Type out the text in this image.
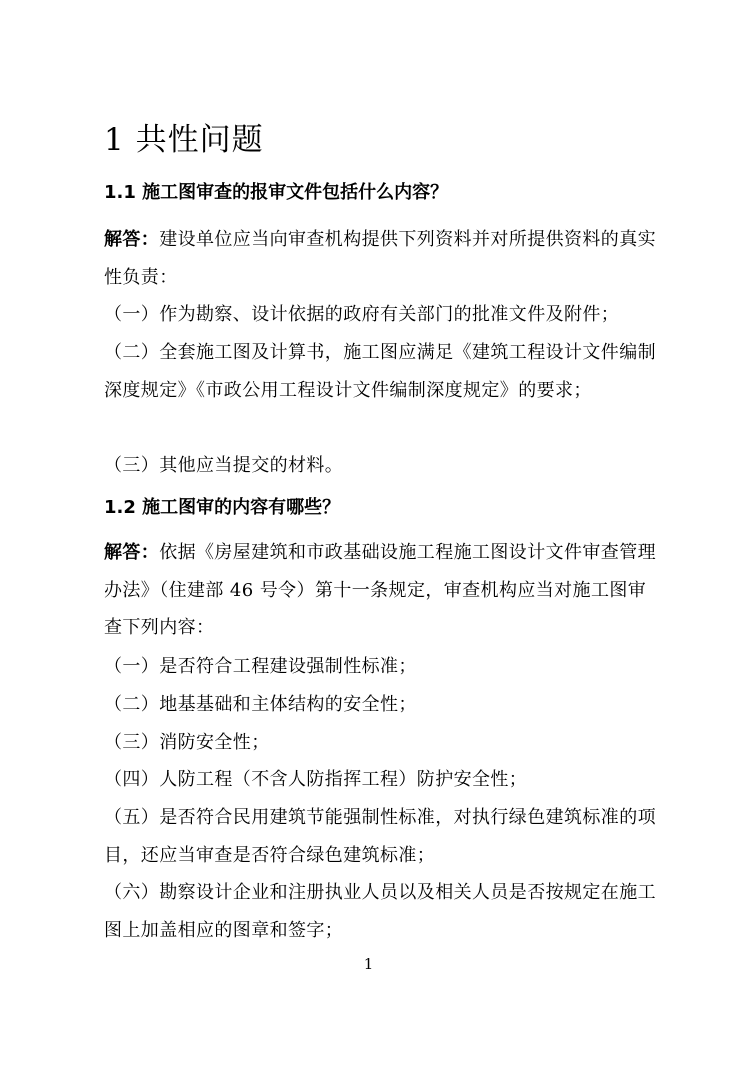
1 共性问题
1.1 施工图审查的报审文件包括什么内容？

解答：建设单位应当向审查机构提供下列资料并对所提供资料的真实性负责：

（一）作为勘察、设计依据的政府有关部门的批准文件及附件；

（二）全套施工图及计算书，施工图应满足《建筑工程设计文件编制深度规定》《市政公用工程设计文件编制深度规定》的要求；

（三）其他应当提交的材料。

1.2 施工图审的内容有哪些？

解答：依据《房屋建筑和市政基础设施工程施工图设计文件审查管理办法》（住建部 46 号令）第十一条规定，审查机构应当对施工图审查下列内容：

（一）是否符合工程建设强制性标准；

（二）地基基础和主体结构的安全性；

（三）消防安全性；

（四）人防工程（不含人防指挥工程）防护安全性；

（五）是否符合民用建筑节能强制性标准，对执行绿色建筑标准的项目，还应当审查是否符合绿色建筑标准；

（六）勘察设计企业和注册执业人员以及相关人员是否按规定在施工图上加盖相应的图章和签字；

1
